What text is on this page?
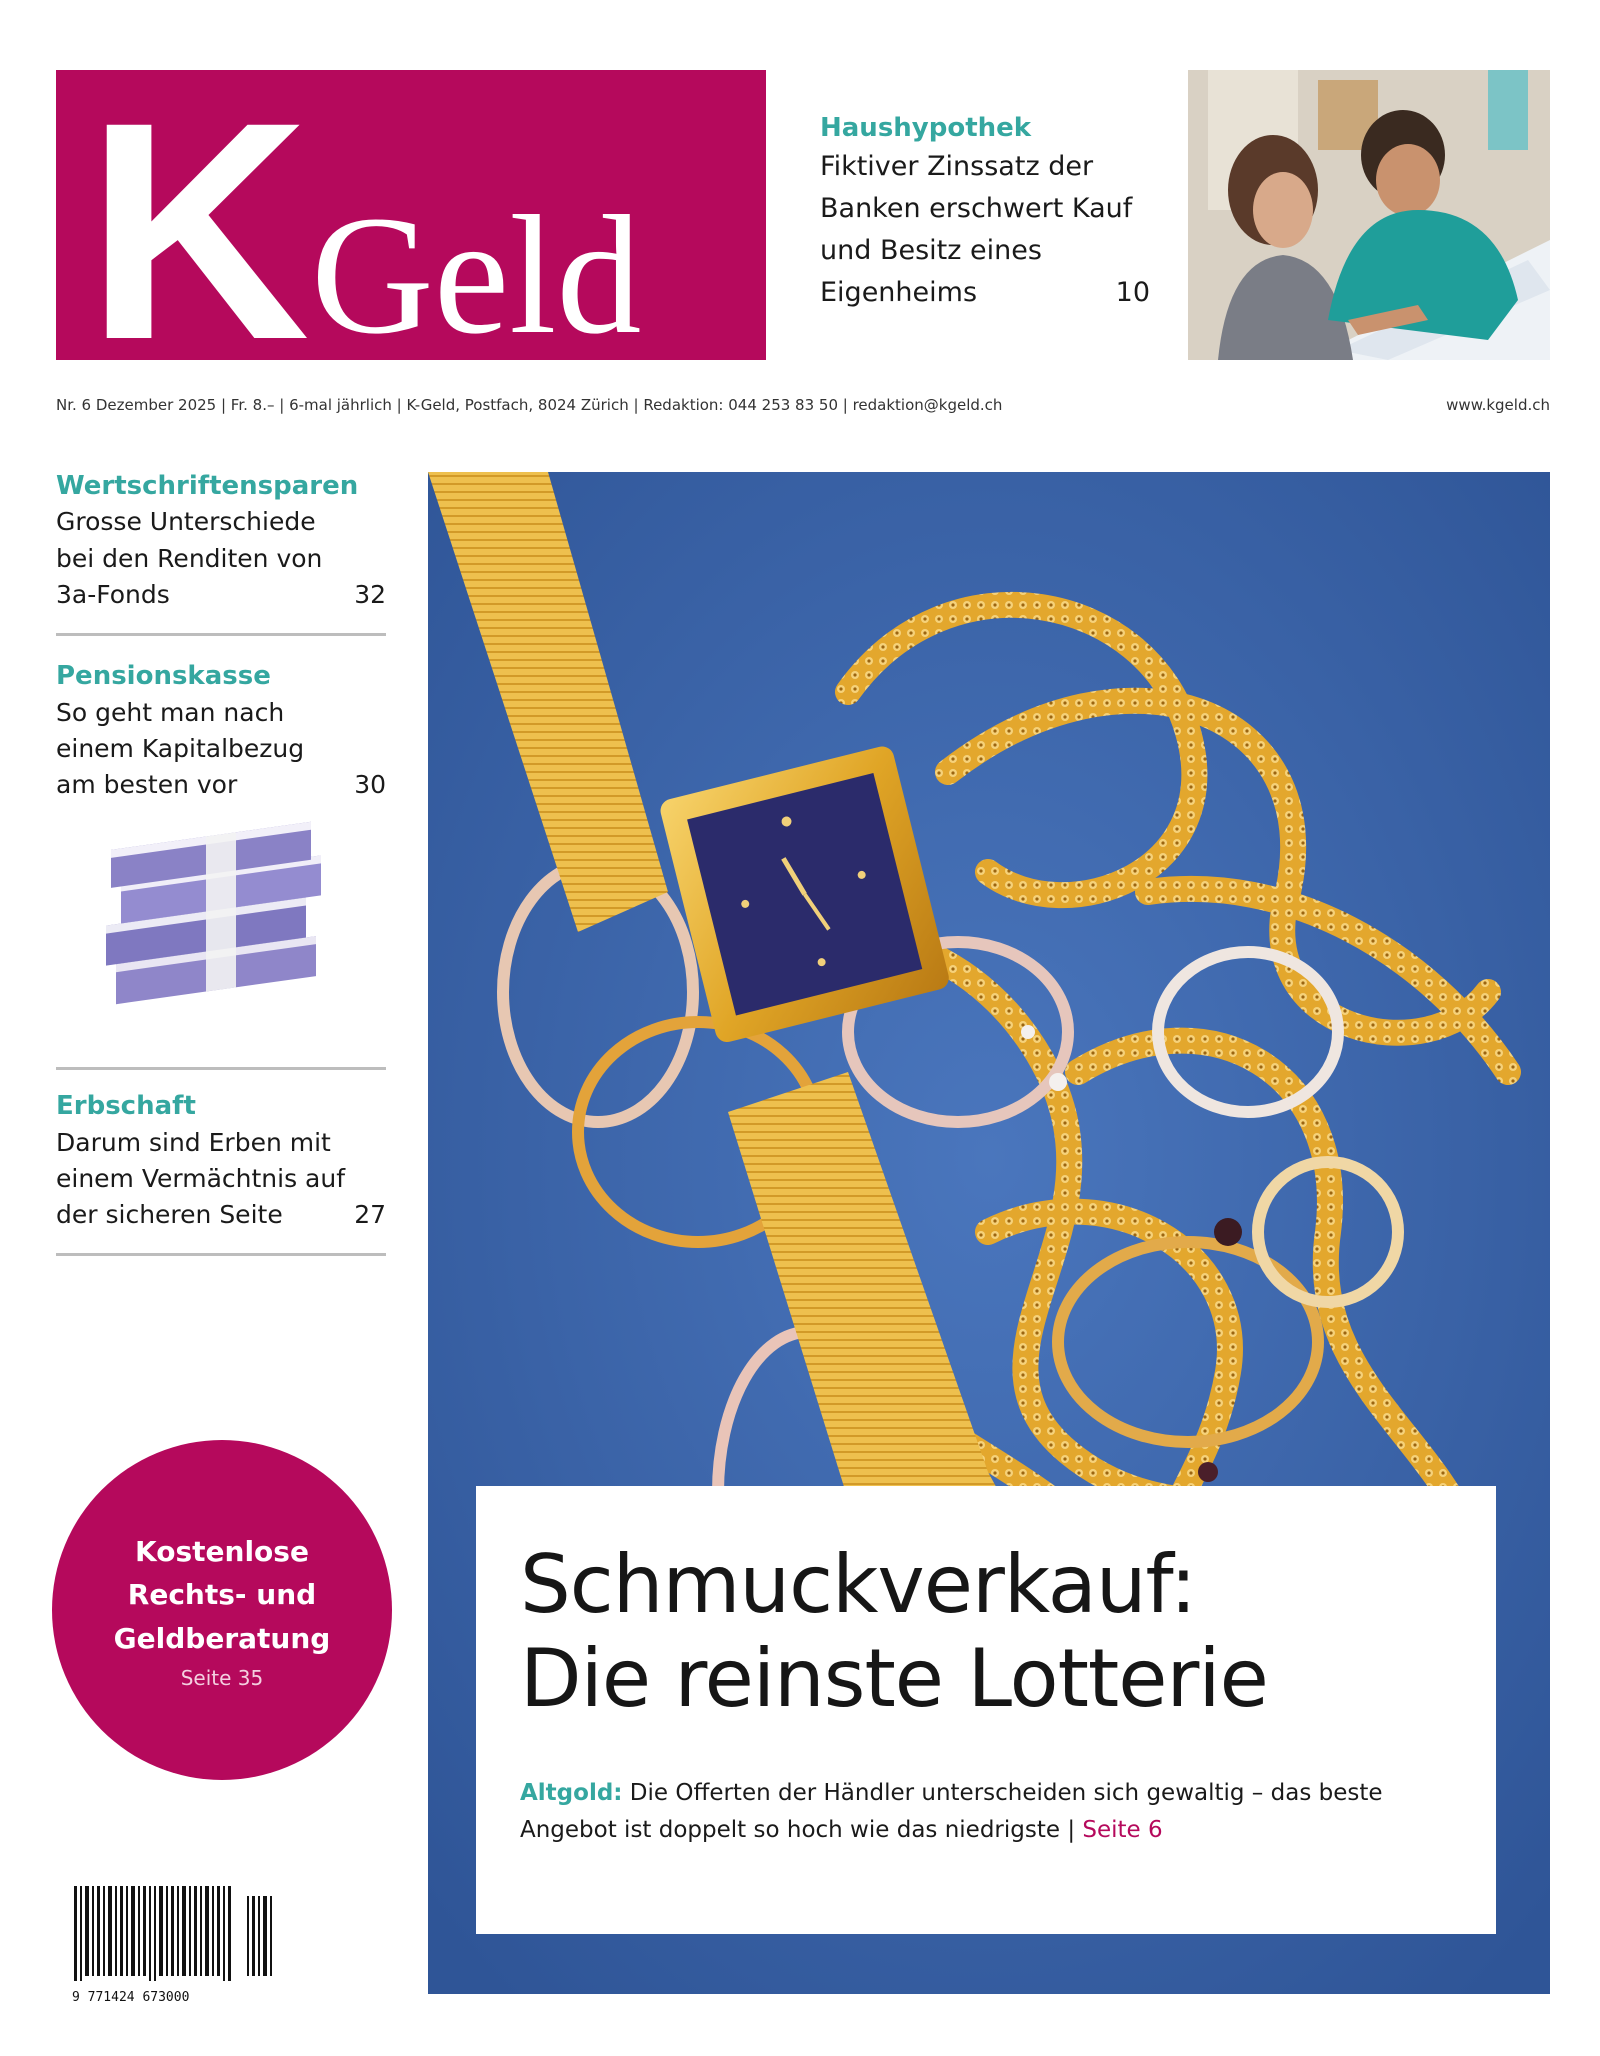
K Geld
Haushypothek
Fiktiver Zinssatz der Banken erschwert Kauf und Besitz eines Eigenheims	10
Nr. 6 Dezember 2025 | Fr. 8.– | 6-mal jährlich | K-Geld, Postfach, 8024 Zürich | Redaktion: 044 253 83 50 | redaktion@kgeld.ch	www.kgeld.ch
Wertschriftensparen
Grosse Unterschiede bei den Renditen von 3a-Fonds	32
Pensionskasse
So geht man nach einem Kapitalbezug am besten vor	30
Erbschaft
Darum sind Erben mit einem Vermächtnis auf der sicheren Seite	27
Kostenlose
Rechts- und
Geldberatung
Seite 35
9 771424 673000
Schmuckverkauf:
Die reinste Lotterie

Altgold: Die Offerten der Händler unterscheiden sich gewaltig – das beste Angebot ist doppelt so hoch wie das niedrigste | Seite 6
